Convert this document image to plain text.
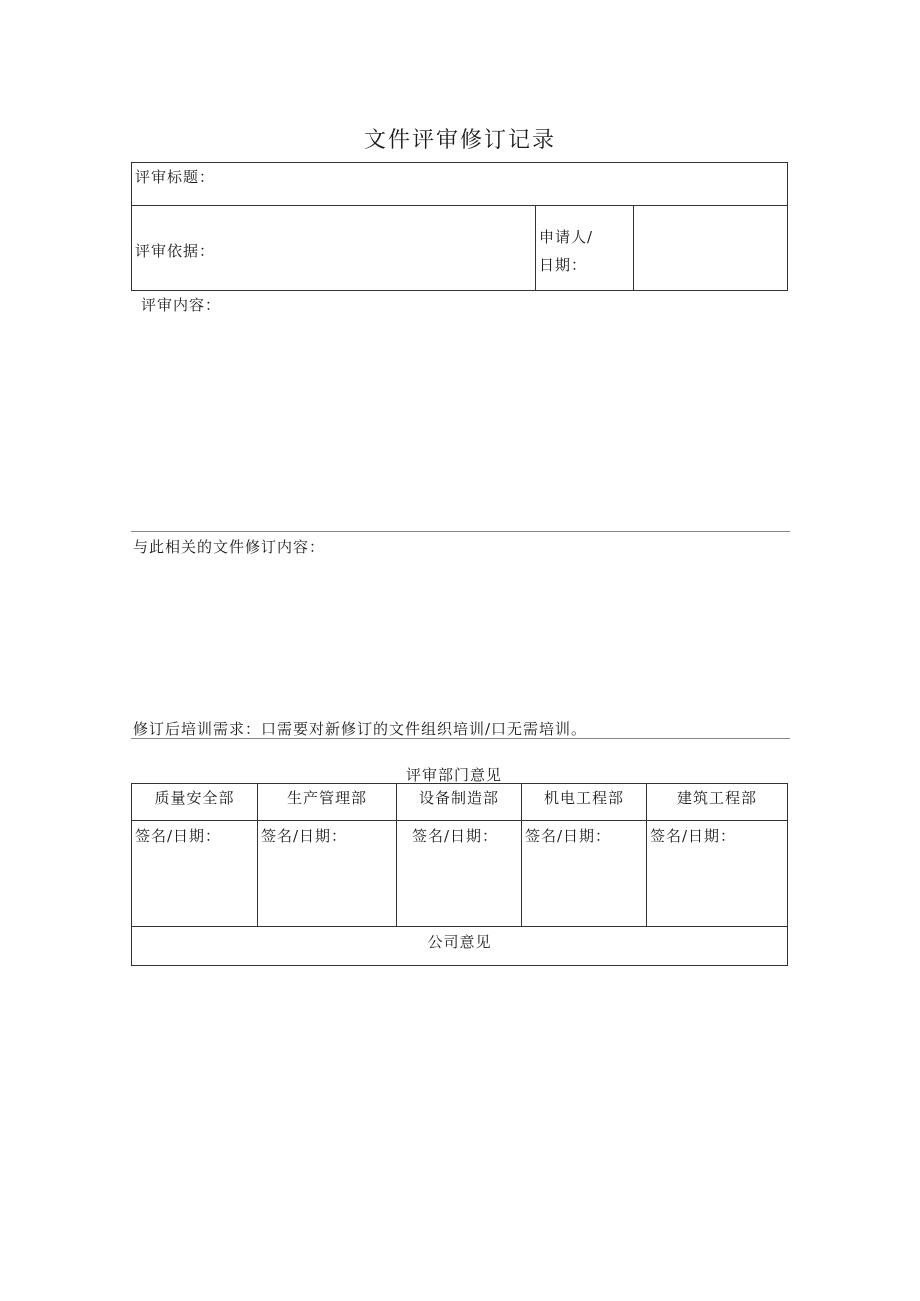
文件评审修订记录
评审标题：
评审依据：
申请人/
日期：
评审内容：
与此相关的文件修订内容：
修订后培训需求：口需要对新修订的文件组织培训/口无需培训。
评审部门意见
质量安全部	生产管理部	设备制造部	机电工程部	建筑工程部
签名/日期：	签名/日期：	签名/日期： 签名/日期：	签名/日期：
公司意见
